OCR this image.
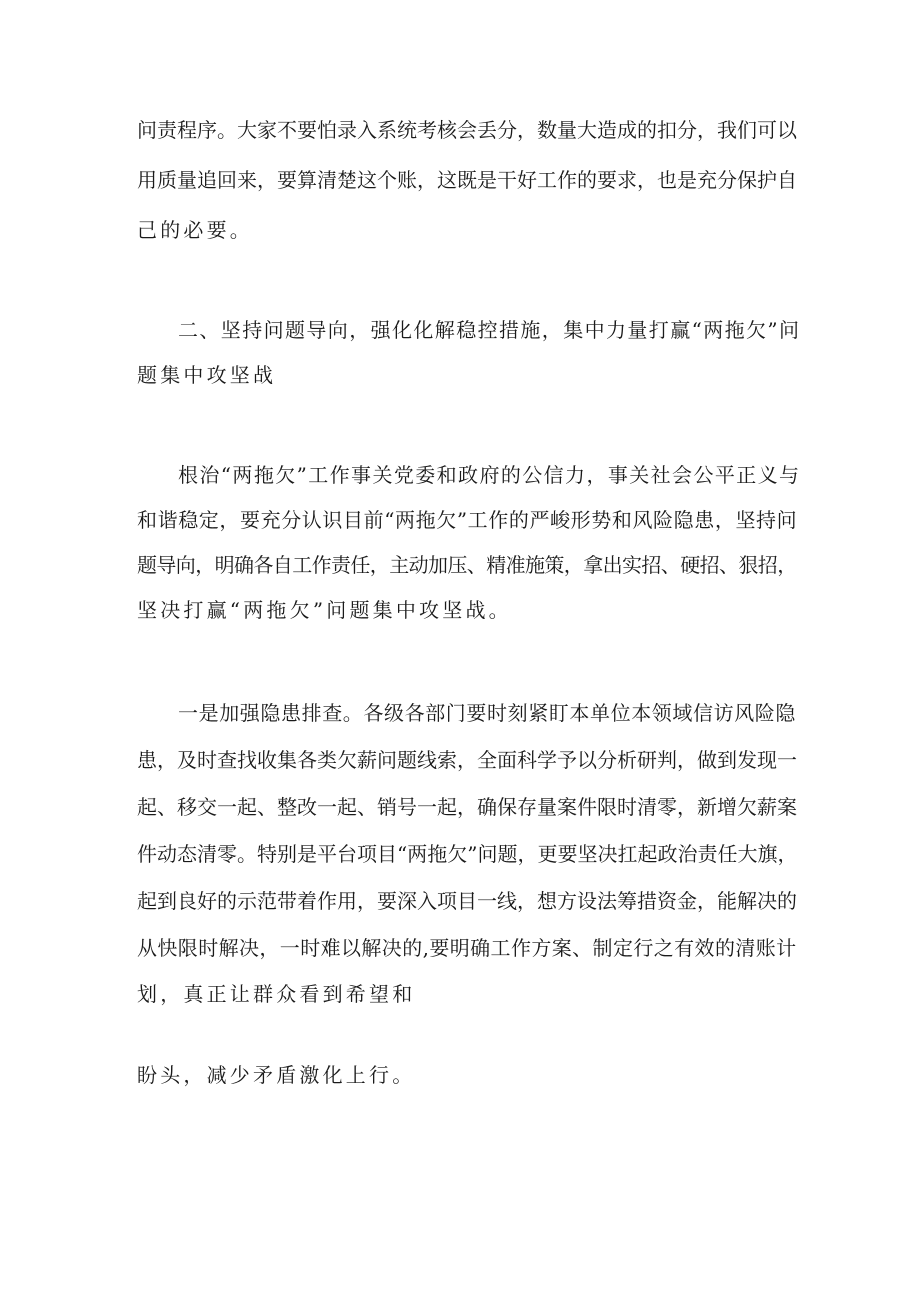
问责程序。大家不要怕录入系统考核会丢分，数量大造成的扣分，我们可以
用质量追回来，要算清楚这个账，这既是干好工作的要求，也是充分保护自
己的必要。
二、坚持问题导向，强化化解稳控措施，集中力量打赢“两拖欠”问
题集中攻坚战
根治“两拖欠”工作事关党委和政府的公信力，事关社会公平正义与
和谐稳定，要充分认识目前“两拖欠”工作的严峻形势和风险隐患，坚持问
题导向，明确各自工作责任，主动加压、精准施策，拿出实招、硬招、狠招，
坚决打赢“两拖欠”问题集中攻坚战。
一是加强隐患排查。各级各部门要时刻紧盯本单位本领域信访风险隐
患，及时查找收集各类欠薪问题线索，全面科学予以分析研判，做到发现一
起、移交一起、整改一起、销号一起，确保存量案件限时清零，新增欠薪案
件动态清零。特别是平台项目“两拖欠”问题，更要坚决扛起政治责任大旗，
起到良好的示范带着作用，要深入项目一线，想方设法筹措资金，能解决的
从快限时解决，一时难以解决的,要明确工作方案、制定行之有效的清账计
划，真正让群众看到希望和
盼头，减少矛盾激化上行。
